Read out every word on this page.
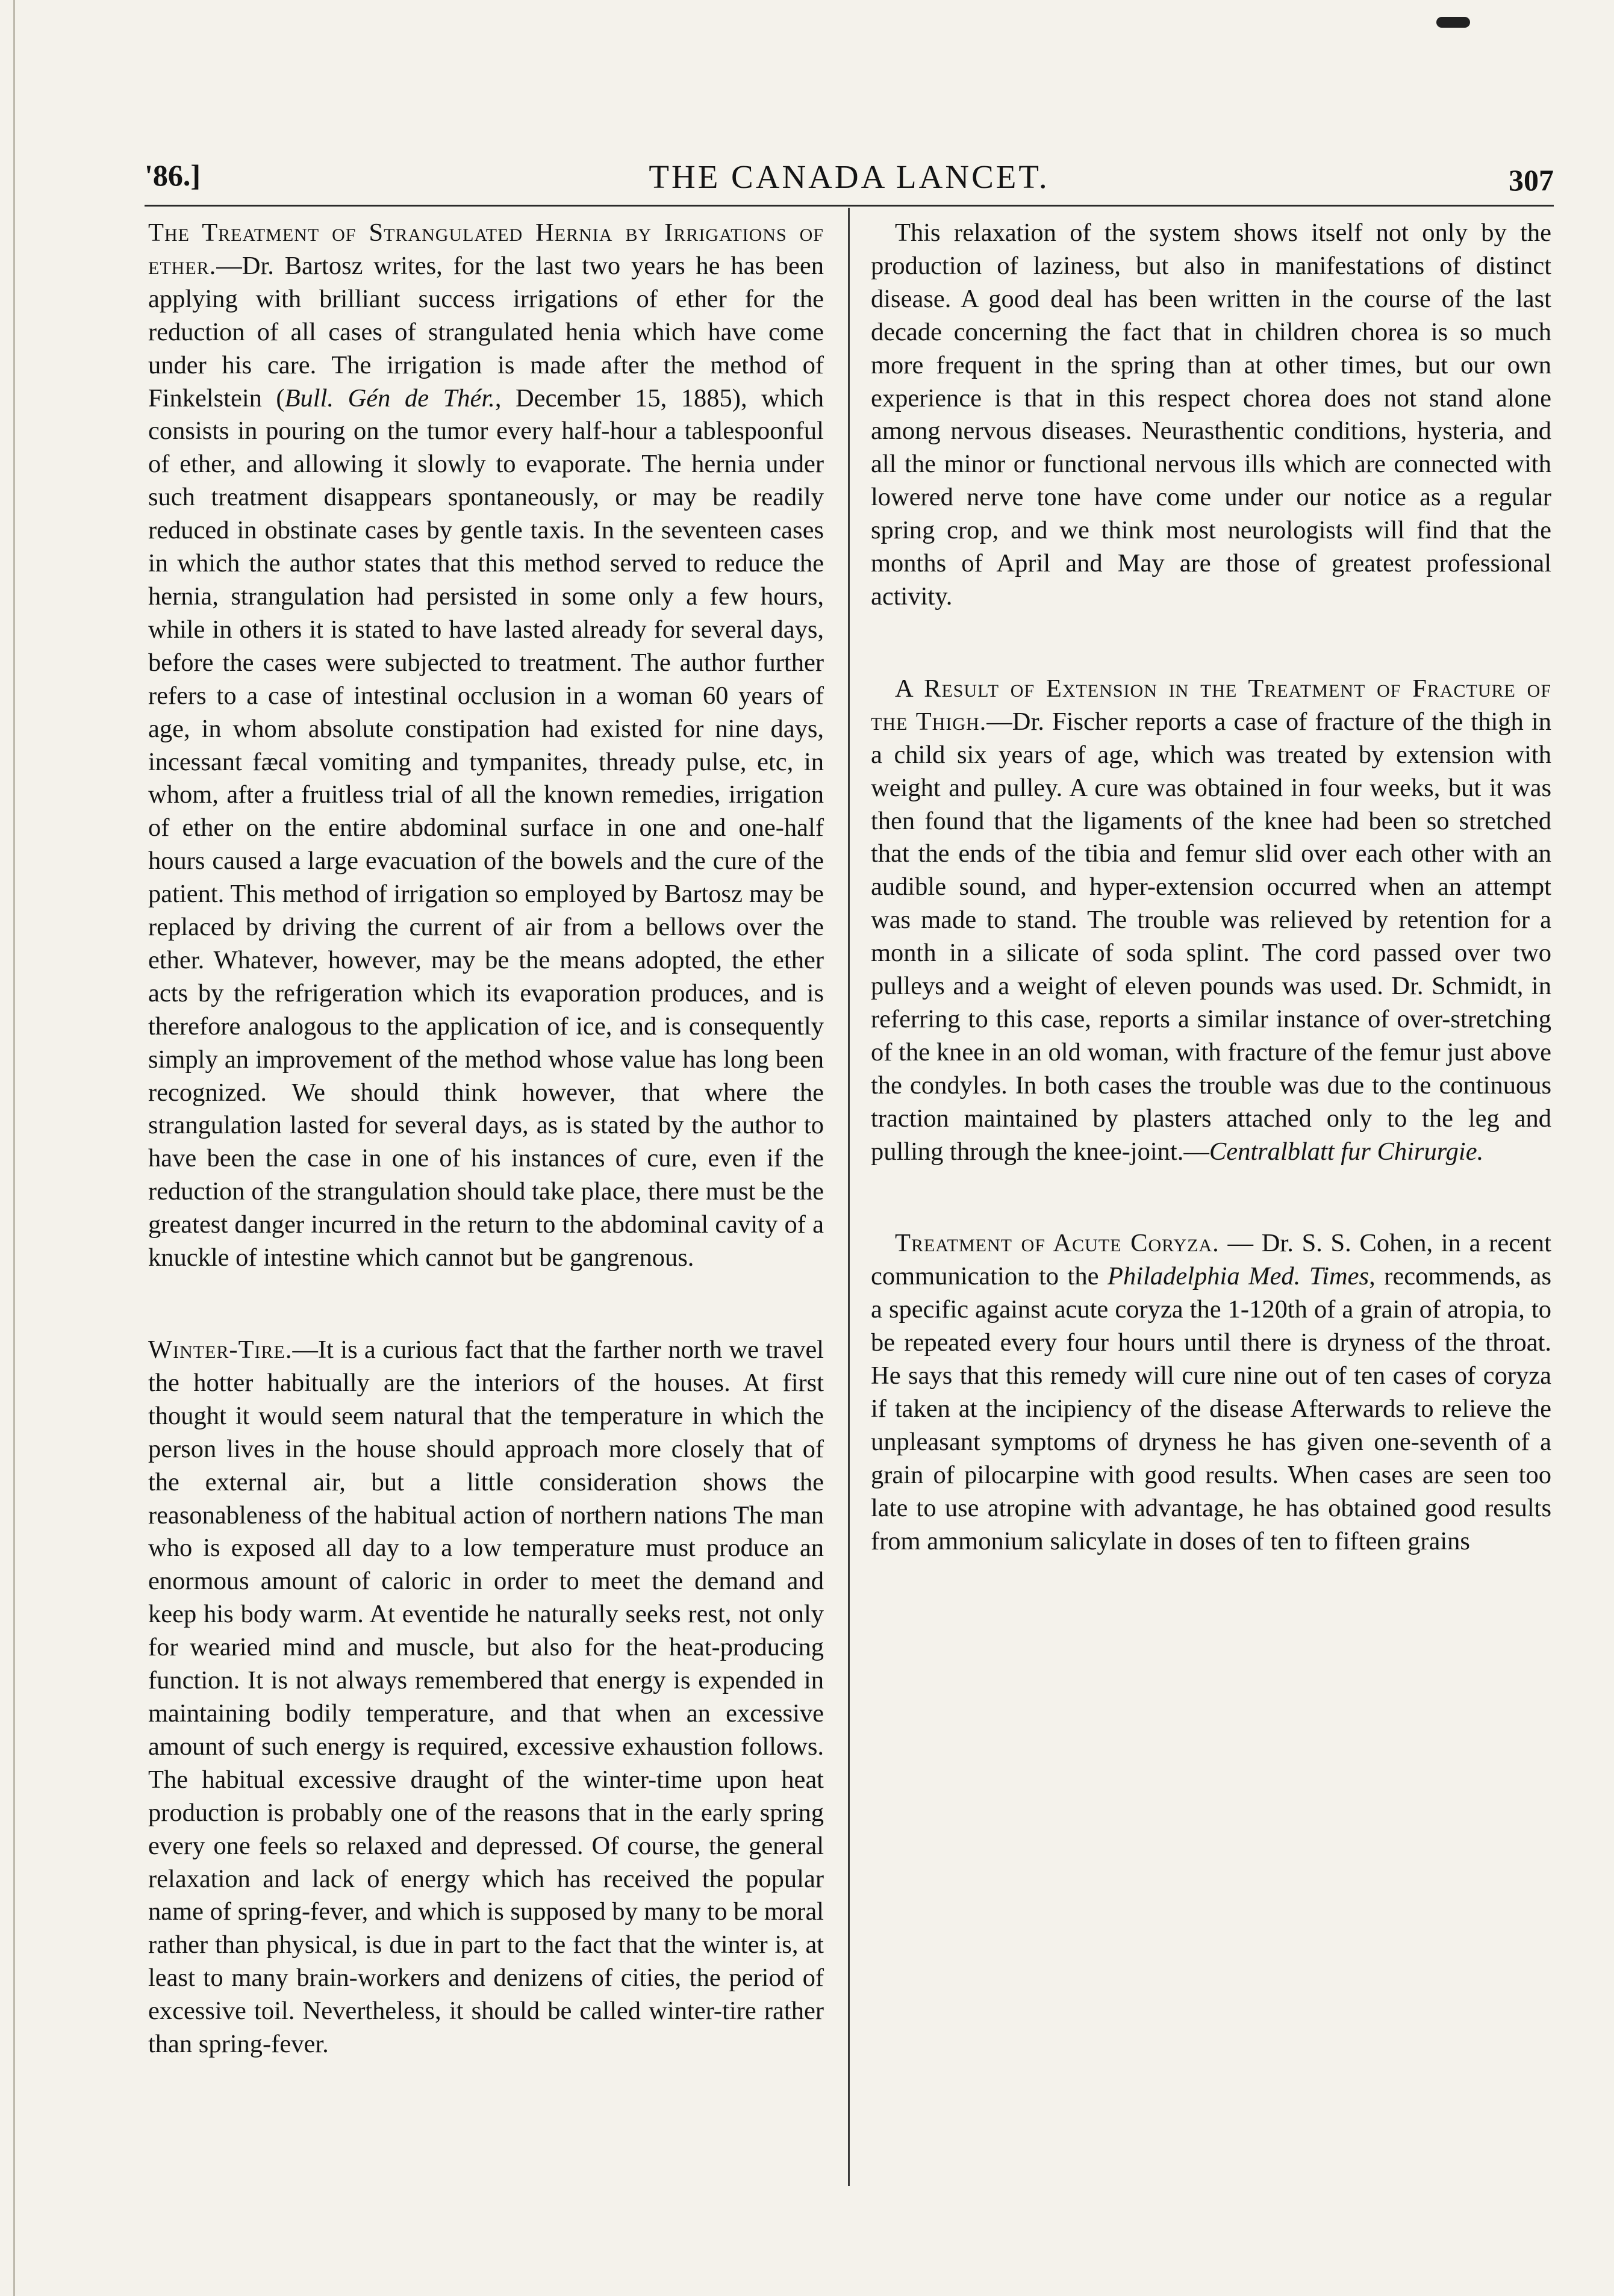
'86.]	THE CANADA LANCET.	307

The Treatment of Strangulated Hernia by Irrigations of ether.—Dr. Bartosz writes, for the last two years he has been applying with brilliant success irrigations of ether for the reduction of all cases of strangulated henia which have come under his care. The irrigation is made after the method of Finkelstein (Bull. Gén de Thér., December 15, 1885), which consists in pouring on the tumor every half-hour a tablespoonful of ether, and allowing it slowly to evaporate. The hernia under such treatment disappears spontaneously, or may be readily reduced in obstinate cases by gentle taxis. In the seventeen cases in which the author states that this method served to reduce the hernia, strangulation had persisted in some only a few hours, while in others it is stated to have lasted already for several days, before the cases were subjected to treatment. The author further refers to a case of intestinal occlusion in a woman 60 years of age, in whom absolute constipation had existed for nine days, incessant fæcal vomiting and tympanites, thready pulse, etc, in whom, after a fruitless trial of all the known remedies, irrigation of ether on the entire abdominal surface in one and one-half hours caused a large evacuation of the bowels and the cure of the patient. This method of irrigation so employed by Bartosz may be replaced by driving the current of air from a bellows over the ether. Whatever, however, may be the means adopted, the ether acts by the refrigeration which its evaporation produces, and is therefore analogous to the application of ice, and is consequently simply an improvement of the method whose value has long been recognized. We should think however, that where the strangulation lasted for several days, as is stated by the author to have been the case in one of his instances of cure, even if the reduction of the strangulation should take place, there must be the greatest danger incurred in the return to the abdominal cavity of a knuckle of intestine which cannot but be gangrenous.

Winter-Tire.—It is a curious fact that the farther north we travel the hotter habitually are the interiors of the houses. At first thought it would seem natural that the temperature in which the person lives in the house should approach more closely that of the external air, but a little consideration shows the reasonableness of the habitual action of northern nations The man who is exposed all day to a low temperature must produce an enormous amount of caloric in order to meet the demand and keep his body warm. At eventide he naturally seeks rest, not only for wearied mind and muscle, but also for the heat-producing function. It is not always remembered that energy is expended in maintaining bodily temperature, and that when an excessive amount of such energy is required, excessive exhaustion follows. The habitual excessive draught of the winter-time upon heat production is probably one of the reasons that in the early spring every one feels so relaxed and depressed. Of course, the general relaxation and lack of energy which has received the popular name of spring-fever, and which is supposed by many to be moral rather than physical, is due in part to the fact that the winter is, at least to many brain-workers and denizens of cities, the period of excessive toil. Nevertheless, it should be called winter-tire rather than spring-fever.

This relaxation of the system shows itself not only by the production of laziness, but also in manifestations of distinct disease. A good deal has been written in the course of the last decade concerning the fact that in children chorea is so much more frequent in the spring than at other times, but our own experience is that in this respect chorea does not stand alone among nervous diseases. Neurasthentic conditions, hysteria, and all the minor or functional nervous ills which are connected with lowered nerve tone have come under our notice as a regular spring crop, and we think most neurologists will find that the months of April and May are those of greatest professional activity.

A Result of Extension in the Treatment of Fracture of the Thigh.—Dr. Fischer reports a case of fracture of the thigh in a child six years of age, which was treated by extension with weight and pulley. A cure was obtained in four weeks, but it was then found that the ligaments of the knee had been so stretched that the ends of the tibia and femur slid over each other with an audible sound, and hyper-extension occurred when an attempt was made to stand. The trouble was relieved by retention for a month in a silicate of soda splint. The cord passed over two pulleys and a weight of eleven pounds was used. Dr. Schmidt, in referring to this case, reports a similar instance of over-stretching of the knee in an old woman, with fracture of the femur just above the condyles. In both cases the trouble was due to the continuous traction maintained by plasters attached only to the leg and pulling through the knee-joint.—Centralblatt fur Chirurgie.

Treatment of Acute Coryza. — Dr. S. S. Cohen, in a recent communication to the Philadelphia Med. Times, recommends, as a specific against acute coryza the 1-120th of a grain of atropia, to be repeated every four hours until there is dryness of the throat. He says that this remedy will cure nine out of ten cases of coryza if taken at the incipiency of the disease Afterwards to relieve the unpleasant symptoms of dryness he has given one-seventh of a grain of pilocarpine with good results. When cases are seen too late to use atropine with advantage, he has obtained good results from ammonium salicylate in doses of ten to fifteen grains
